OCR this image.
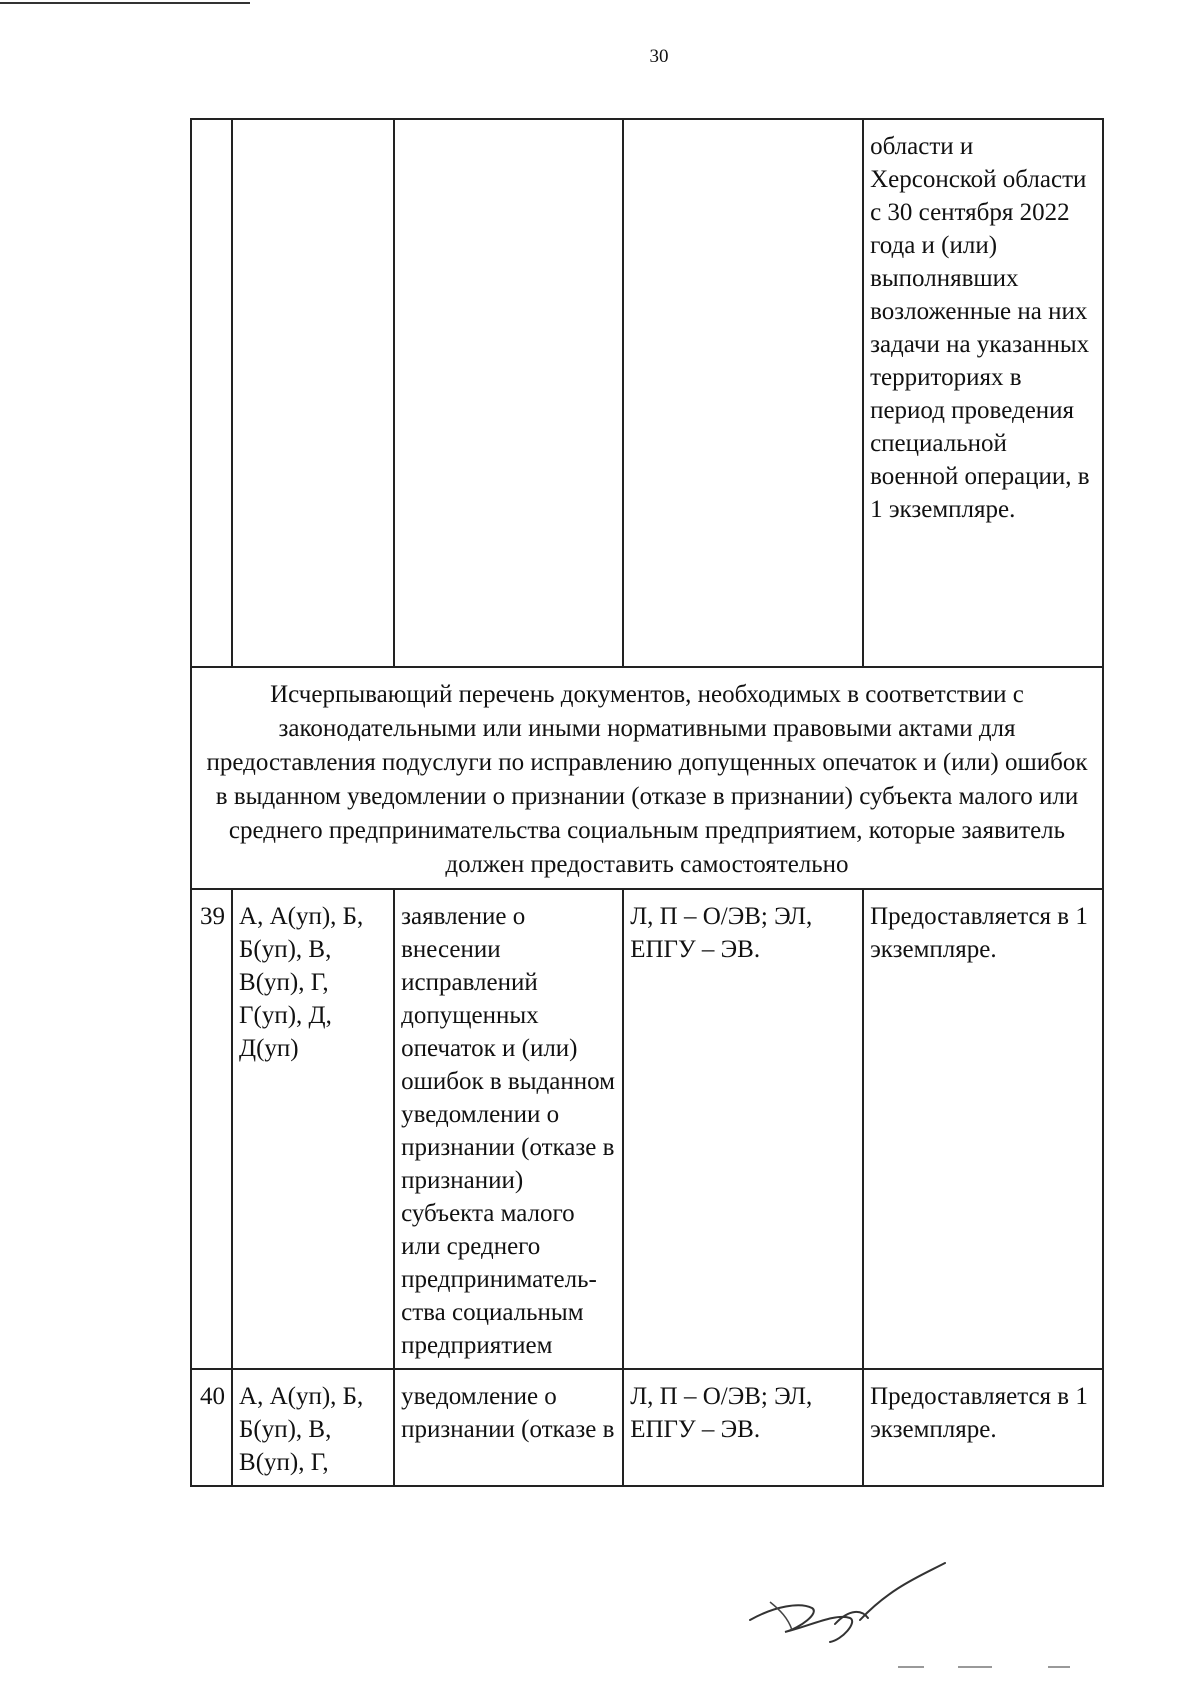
30
				области и Херсонской области с 30 сентября 2022 года и (или) выполнявших возложенные на них задачи на указанных территориях в период проведения специальной военной операции, в 1 экземпляре.
Исчерпывающий перечень документов, необходимых в соответствии с законодательными или иными нормативными правовыми актами для предоставления подуслуги по исправлению допущенных опечаток и (или) ошибок в выданном уведомлении о признании (отказе в признании) субъекта малого или среднего предпринимательства социальным предприятием, которые заявитель должен предоставить самостоятельно				
39	А, А(уп), Б, Б(уп), В, В(уп), Г, Г(уп), Д, Д(уп)	заявление о внесении исправлений допущенных опечаток и (или) ошибок в выданном уведомлении о признании (отказе в признании) субъекта малого или среднего предпринимательства социальным предприятием	Л, П – О/ЭВ; ЭЛ, ЕПГУ – ЭВ.	Предоставляется в 1 экземпляре.
40	А, А(уп), Б, Б(уп), В, В(уп), Г,	уведомление о признании (отказе в	Л, П – О/ЭВ; ЭЛ, ЕПГУ – ЭВ.	Предоставляется в 1 экземпляре.
